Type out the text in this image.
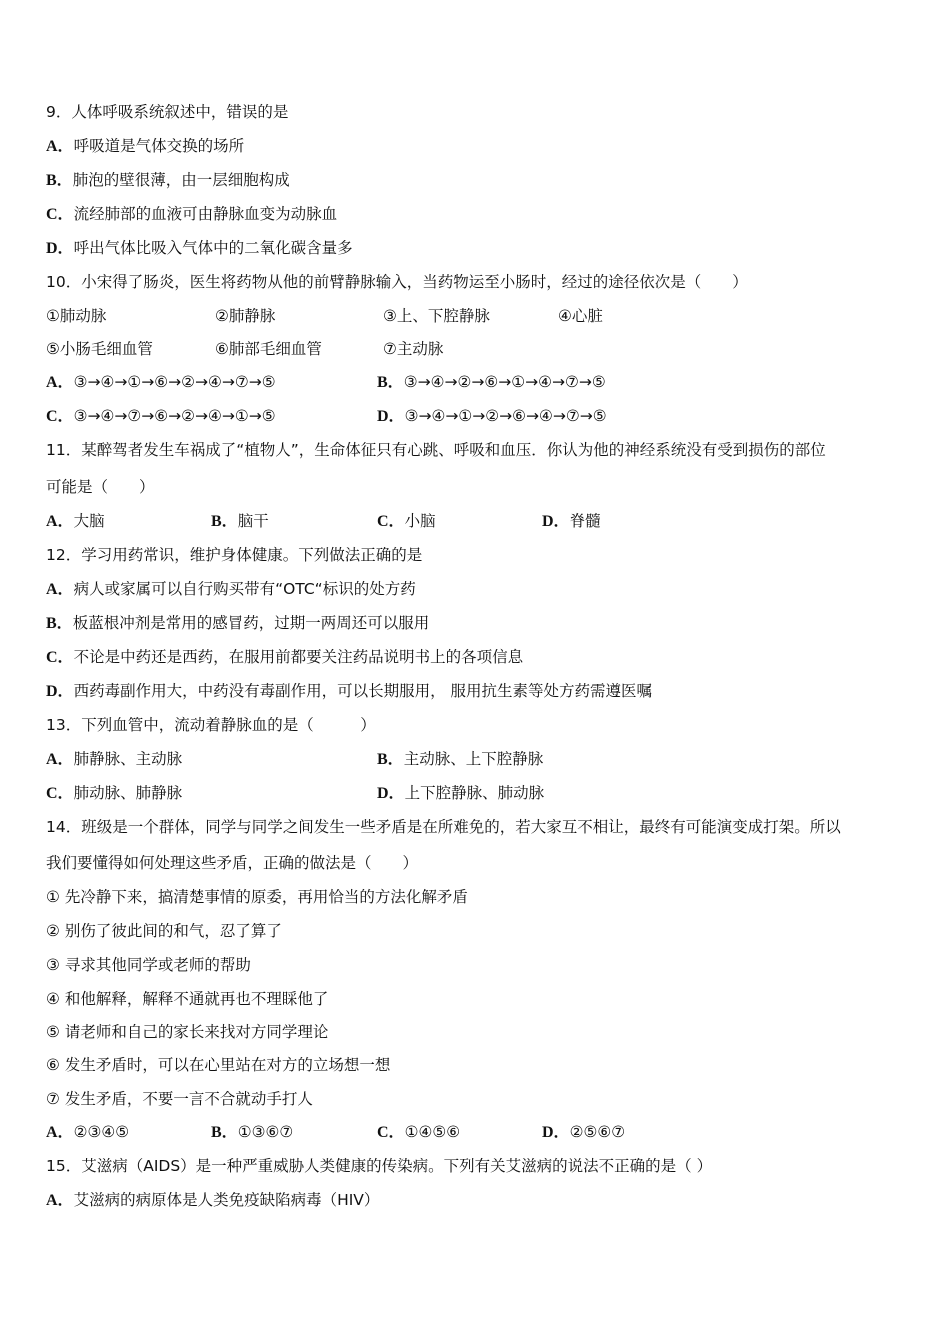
9．人体呼吸系统叙述中，错误的是
A．呼吸道是气体交换的场所
B．肺泡的壁很薄，由一层细胞构成
C．流经肺部的血液可由静脉血变为动脉血
D．呼出气体比吸入气体中的二氧化碳含量多
10．小宋得了肠炎，医生将药物从他的前臂静脉输入，当药物运至小肠时，经过的途径依次是（　　）
①肺动脉	②肺静脉	③上、下腔静脉	④心脏
⑤小肠毛细血管	⑥肺部毛细血管	⑦主动脉
A．③→④→①→⑥→②→④→⑦→⑤	B．③→④→②→⑥→①→④→⑦→⑤
C．③→④→⑦→⑥→②→④→①→⑤	D．③→④→①→②→⑥→④→⑦→⑤
11．某醉驾者发生车祸成了“植物人”，生命体征只有心跳、呼吸和血压．你认为他的神经系统没有受到损伤的部位
可能是（　　）
A．大脑	B．脑干	C．小脑	D．脊髓
12．学习用药常识，维护身体健康。下列做法正确的是
A．病人或家属可以自行购买带有“OTC“标识的处方药
B．板蓝根冲剂是常用的感冒药，过期一两周还可以服用
C．不论是中药还是西药，在服用前都要关注药品说明书上的各项信息
D．西药毒副作用大，中药没有毒副作用，可以长期服用， 服用抗生素等处方药需遵医嘱
13．下列血管中，流动着静脉血的是（　　　）
A．肺静脉、主动脉	B．主动脉、上下腔静脉
C．肺动脉、肺静脉	D．上下腔静脉、肺动脉
14．班级是一个群体，同学与同学之间发生一些矛盾是在所难免的，若大家互不相让，最终有可能演变成打架。所以
我们要懂得如何处理这些矛盾，正确的做法是（　　）
① 先冷静下来，搞清楚事情的原委，再用恰当的方法化解矛盾
② 别伤了彼此间的和气，忍了算了
③ 寻求其他同学或老师的帮助
④ 和他解释，解释不通就再也不理睬他了
⑤ 请老师和自己的家长来找对方同学理论
⑥ 发生矛盾时，可以在心里站在对方的立场想一想
⑦ 发生矛盾，不要一言不合就动手打人
A．②③④⑤	B．①③⑥⑦	C．①④⑤⑥	D．②⑤⑥⑦
15．艾滋病（AIDS）是一种严重威胁人类健康的传染病。下列有关艾滋病的说法不正确的是（ ）
A．艾滋病的病原体是人类免疫缺陷病毒（HIV）
